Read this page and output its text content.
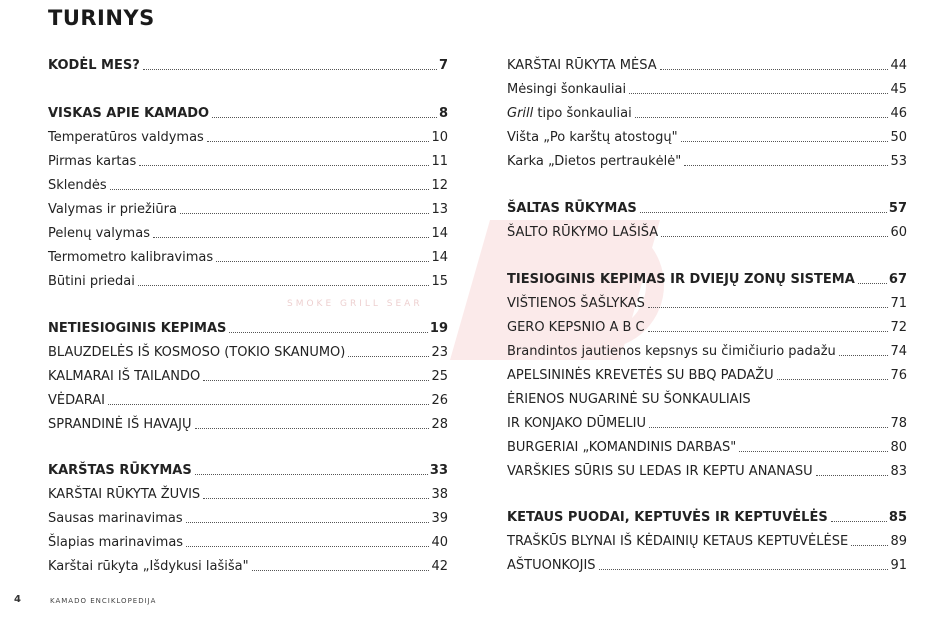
TURINYS
SMOKE GRILL SEAR
KODĖL MES?	7
VISKAS APIE KAMADO	8
Temperatūros valdymas	10
Pirmas kartas	11
Sklendės	12
Valymas ir priežiūra	13
Pelenų valymas	14
Termometro kalibravimas	14
Būtini priedai	15
NETIESIOGINIS KEPIMAS	19
BLAUZDELĖS IŠ KOSMOSO (TOKIO SKANUMO)	23
KALMARAI IŠ TAILANDO	25
VĖDARAI	26
SPRANDINĖ IŠ HAVAJŲ	28
KARŠTAS RŪKYMAS	33
KARŠTAI RŪKYTA ŽUVIS	38
Sausas marinavimas	39
Šlapias marinavimas	40
Karštai rūkyta „Išdykusi lašiša"	42
KARŠTAI RŪKYTA MĖSA	44
Mėsingi šonkauliai	45
Grill tipo šonkauliai	46
Vištа „Po karštų atostogų"	50
Karka „Dietos pertraukėlė"	53
ŠALTAS RŪKYMAS	57
ŠALTO RŪKYMO LAŠIŠA	60
TIESIOGINIS KEPIMAS IR DVIEJŲ ZONŲ SISTEMA	67
VIŠTIENOS ŠAŠLYKAS	71
GERO KEPSNIO A B C	72
Brandintos jautienos kepsnys su čimičiurio padažu	74
APELSININĖS KREVETĖS SU BBQ PADAŽU	76
ĖRIENOS NUGARINĖ SU ŠONKAULIAIS
IR KONJAKO DŪMELIU	78
BURGERIAI „KOMANDINIS DARBAS"	80
VARŠKIES SŪRIS SU LEDAS IR KEPTU ANANASU	83
KETAUS PUODAI, KEPTUVĖS IR KEPTUVĖLĖS	85
TRAŠKŪS BLYNAI IŠ KĖDAINIŲ KETAUS KEPTUVĖLĖSE	89
AŠTUONKOJIS	91
4	KAMADO ENCIKLOPEDIJA
